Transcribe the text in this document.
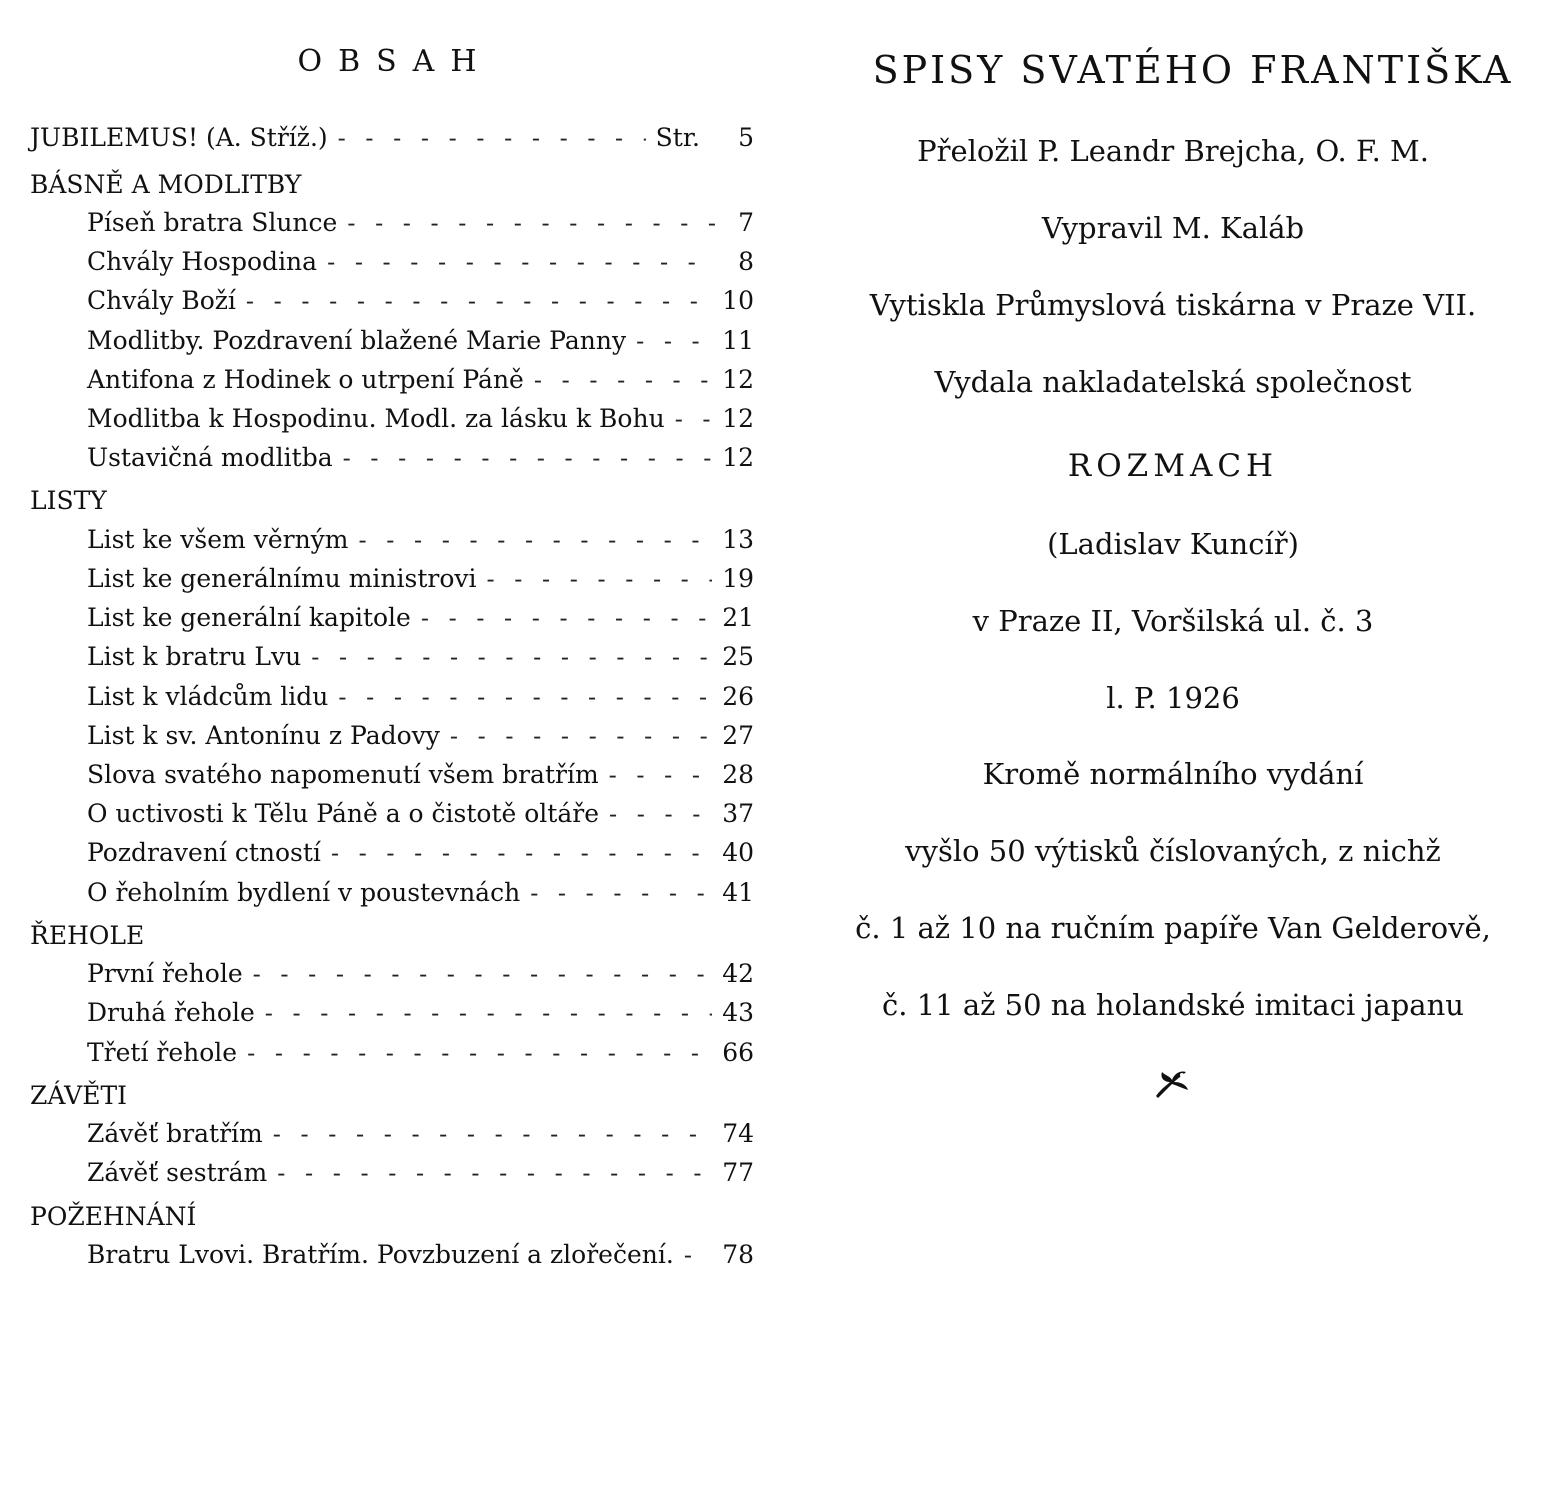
OBSAH
JUBILEMUS! (A. Stříž.) - - -	Str.	5
BÁSNĚ A MODLITBY
Píseň bratra Slunce - - -	7
Chvály Hospodina - - -	8
Chvály Boží - - -	10
Modlitby. Pozdravení blažené Marie Panny - - -	11
Antifona z Hodinek o utrpení Páně - - -	12
Modlitba k Hospodinu. Modl. za lásku k Bohu - - - 12
Ustavičná modlitba - - -	12
LISTY
List ke všem věrným - - -	13
List ke generálnímu ministrovi - - -	19
List ke generální kapitole - - -	21
List k bratru Lvu - - -	25
List k vládcům lidu - - -	26
List k sv. Antonínu z Padovy - - -	27
Slova svatého napomenutí všem bratřím - - -	28
O uctivosti k Tělu Páně a o čistotě oltáře - - -	37
Pozdravení ctností - - -	40
O řeholním bydlení v poustevnách - - -	41
ŘEHOLE
První řehole - - -	42
Druhá řehole - - -	43
Třetí řehole - - -	66
ZÁVĚTI
Závěť bratřím - - -	74
Závěť sestrám - - -	77
POŽEHNÁNÍ
Bratru Lvovi. Bratřím. Povzbuzení a zlořečení. - - - 78
SPISY SVATÉHO FRANTIŠKA
Přeložil P. Leandr Brejcha, O. F. M.
Vypravil M. Kaláb
Vytiskla Průmyslová tiskárna v Praze VII.
Vydala nakladatelská společnost
ROZMACH
(Ladislav Kuncíř)
v Praze II, Voršilská ul. č. 3
l. P. 1926
Kromě normálního vydání
vyšlo 50 výtisků číslovaných, z nichž
č. 1 až 10 na ručním papíře Van Gelderově,
č. 11 až 50 na holandské imitaci japanu
